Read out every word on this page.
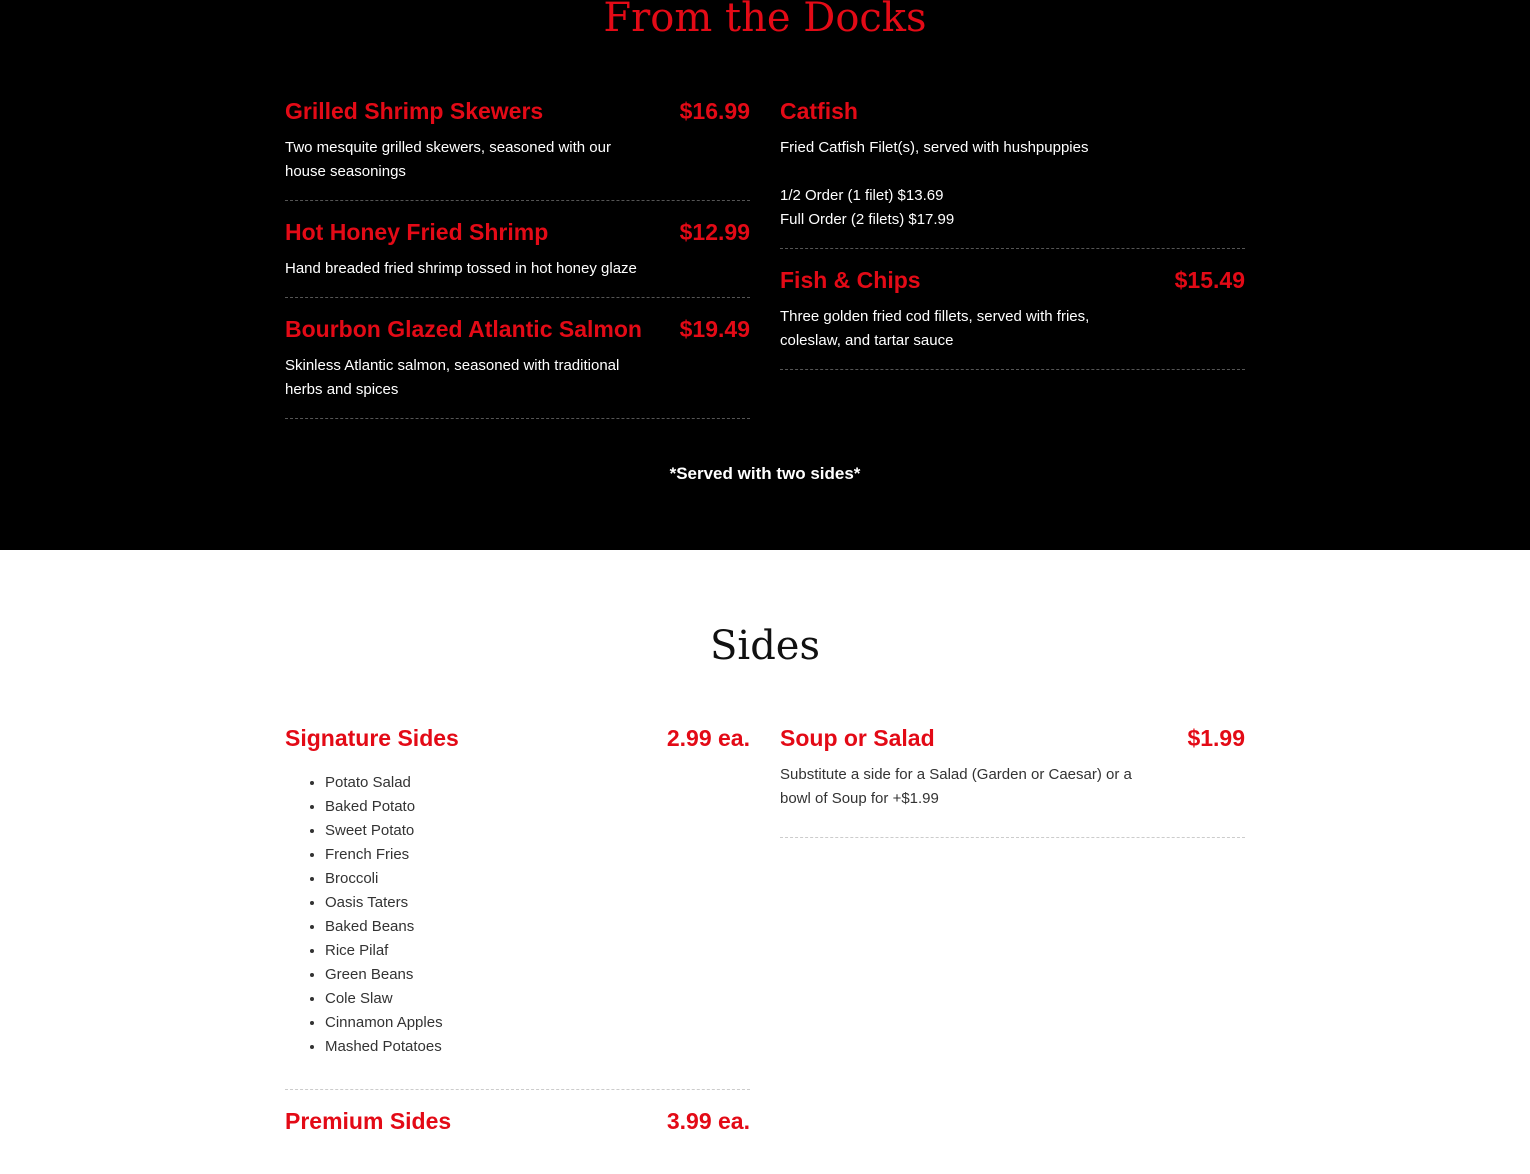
From the Docks
Grilled Shrimp Skewers	$16.99
Two mesquite grilled skewers, seasoned with our house seasonings
Hot Honey Fried Shrimp	$12.99
Hand breaded fried shrimp tossed in hot honey glaze
Bourbon Glazed Atlantic Salmon $19.49
Skinless Atlantic salmon, seasoned with traditional herbs and spices
Catfish
Fried Catfish Filet(s), served with hushpuppies
1/2 Order (1 filet) $13.69
Full Order (2 filets) $17.99
Fish & Chips	$15.49
Three golden fried cod fillets, served with fries, coleslaw, and tartar sauce
*Served with two sides*
Sides
Signature Sides	2.99 ea.
• Potato Salad
• Baked Potato
• Sweet Potato
• French Fries
• Broccoli
• Oasis Taters
• Baked Beans
• Rice Pilaf
• Green Beans
• Cole Slaw
• Cinnamon Apples
• Mashed Potatoes
Premium Sides	3.99 ea.
Soup or Salad	$1.99
Substitute a side for a Salad (Garden or Caesar) or a bowl of Soup for +$1.99
